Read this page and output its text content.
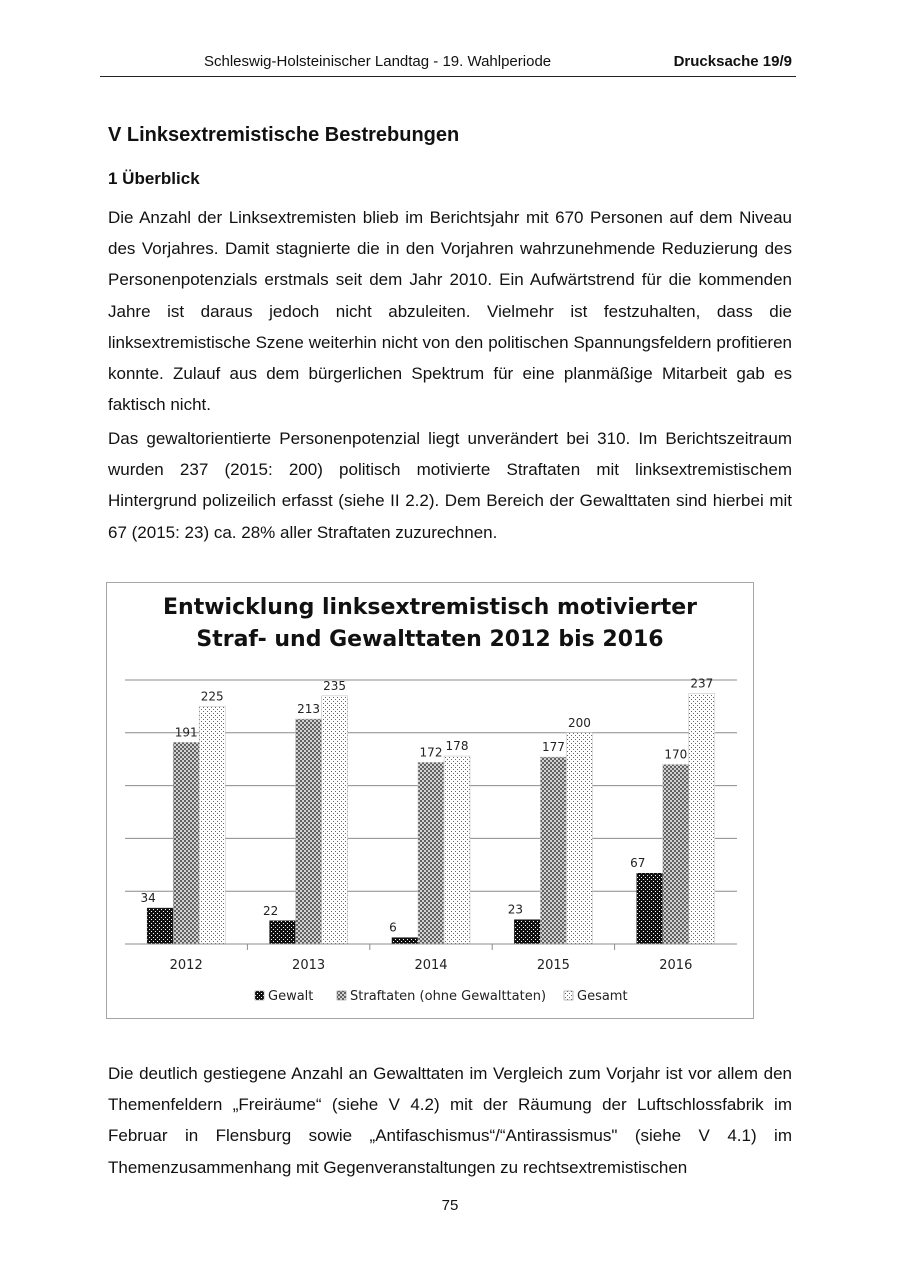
Schleswig-Holsteinischer Landtag - 19. Wahlperiode	Drucksache 19/9
V Linksextremistische Bestrebungen
1 Überblick

Die Anzahl der Linksextremisten blieb im Berichtsjahr mit 670 Personen auf dem Niveau des Vorjahres. Damit stagnierte die in den Vorjahren wahrzunehmende Reduzierung des Personenpotenzials erstmals seit dem Jahr 2010. Ein Aufwärtstrend für die kommenden Jahre ist daraus jedoch nicht abzuleiten. Vielmehr ist festzuhalten, dass die linksextremistische Szene weiterhin nicht von den politischen Spannungsfeldern profitieren konnte. Zulauf aus dem bürgerlichen Spektrum für eine planmäßige Mitarbeit gab es faktisch nicht.

Das gewaltorientierte Personenpotenzial liegt unverändert bei 310. Im Berichtszeitraum wurden 237 (2015: 200) politisch motivierte Straftaten mit linksextremistischem Hintergrund polizeilich erfasst (siehe II 2.2). Dem Bereich der Gewalttaten sind hierbei mit 67 (2015: 23) ca. 28% aller Straftaten zuzurechnen.

Entwicklung linksextremistisch motivierter
Straf- und Gewalttaten 2012 bis 2016
34
191
225
22
213
235
6
172 178
23
177
200
67
170
237
2012	2013	2014	2015	2016
Gewalt	Straftaten (ohne Gewalttaten) Gesamt

Die deutlich gestiegene Anzahl an Gewalttaten im Vergleich zum Vorjahr ist vor allem den Themenfeldern „Freiräume“ (siehe V 4.2) mit der Räumung der Luftschlossfabrik im Februar in Flensburg sowie „Antifaschismus“/“Antirassismus" (siehe V 4.1) im Themenzusammenhang mit Gegenveranstaltungen zu rechtsextremistischen

75
